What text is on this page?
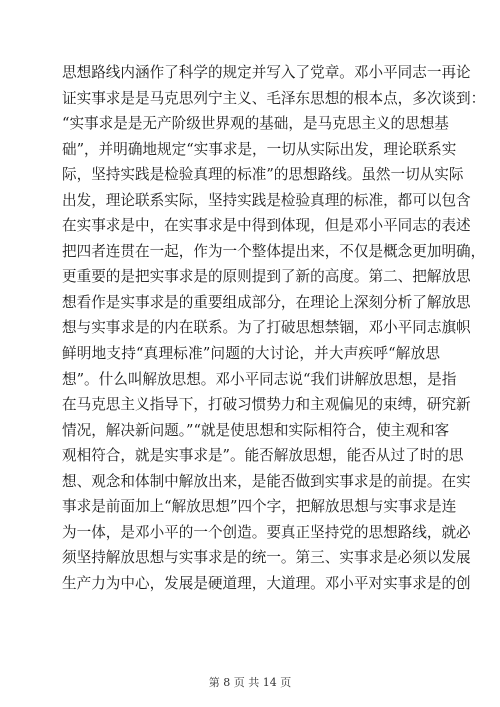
思想路线内涵作了科学的规定并写入了党章。邓小平同志一再论
证实事求是是马克思列宁主义、毛泽东思想的根本点，多次谈到：
“实事求是是无产阶级世界观的基础，是马克思主义的思想基
础”，并明确地规定“实事求是，一切从实际出发，理论联系实
际，坚持实践是检验真理的标准”的思想路线。虽然一切从实际
出发，理论联系实际，坚持实践是检验真理的标准，都可以包含
在实事求是中，在实事求是中得到体现，但是邓小平同志的表述
把四者连贯在一起，作为一个整体提出来，不仅是概念更加明确，
更重要的是把实事求是的原则提到了新的高度。第二、把解放思
想看作是实事求是的重要组成部分，在理论上深刻分析了解放思
想与实事求是的内在联系。为了打破思想禁锢，邓小平同志旗帜
鲜明地支持“真理标准”问题的大讨论，并大声疾呼“解放思
想”。什么叫解放思想。邓小平同志说“我们讲解放思想，是指
在马克思主义指导下，打破习惯势力和主观偏见的束缚，研究新
情况，解决新问题。”“就是使思想和实际相符合，使主观和客
观相符合，就是实事求是”。能否解放思想，能否从过了时的思
想、观念和体制中解放出来，是能否做到实事求是的前提。在实
事求是前面加上“解放思想”四个字，把解放思想与实事求是连
为一体，是邓小平的一个创造。要真正坚持党的思想路线，就必
须坚持解放思想与实事求是的统一。第三、实事求是必须以发展
生产力为中心，发展是硬道理，大道理。邓小平对实事求是的创
第 8 页 共 14 页
